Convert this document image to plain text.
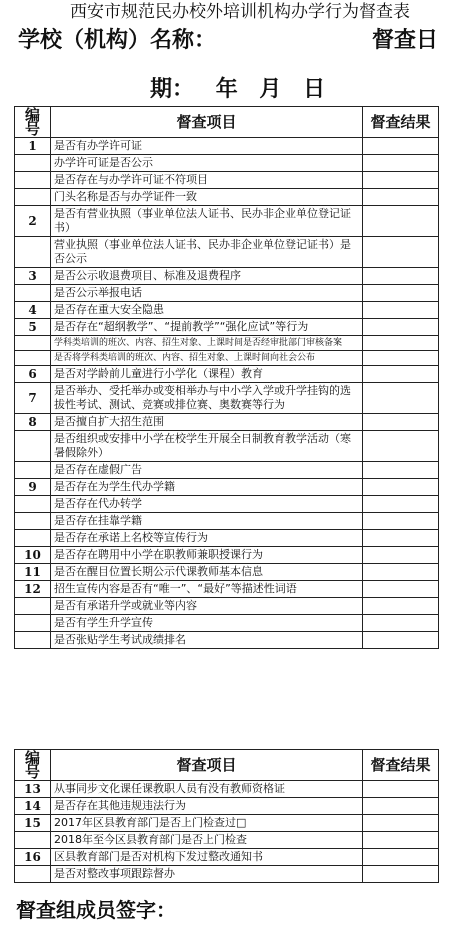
西安市规范民办校外培训机构办学行为督查表
学校（机构）名称：	督查日
期： 年 月 日
编号	督查项目	督查结果
1	是否有办学许可证	
	办学许可证是否公示	
	是否存在与办学许可证不符项目	
	门头名称是否与办学证件一致	
2	是否有营业执照（事业单位法人证书、民办非企业单位登记证书）	
	营业执照（事业单位法人证书、民办非企业单位登记证书）是否公示	
3	是否公示收退费项目、标准及退费程序	
	是否公示举报电话	
4	是否存在重大安全隐患	
5	是否存在“超纲教学”、“提前教学”“强化应试”等行为	
	学科类培训的班次、内容、招生对象、上课时间是否经审批部门审核备案	
	是否将学科类培训的班次、内容、招生对象、上课时间向社会公布	
6	是否对学龄前儿童进行小学化（课程）教育	
7	是否举办、受托举办或变相举办与中小学入学或升学挂钩的选拔性考试、测试、竞赛或排位赛、奥数赛等行为	
8	是否擅自扩大招生范围	
	是否组织或安排中小学在校学生开展全日制教育教学活动（寒暑假除外）	
	是否存在虚假广告	
9	是否存在为学生代办学籍	
	是否存在代办转学	
	是否存在挂靠学籍	
	是否存在承诺上名校等宣传行为	
10	是否存在聘用中小学在职教师兼职授课行为	
11	是否在醒目位置长期公示代课教师基本信息	
12	招生宣传内容是否有“唯一”、“最好”等描述性词语	
	是否有承诺升学或就业等内容	
	是否有学生升学宣传	
	是否张贴学生考试成绩排名	
编号	督查项目	督查结果
13	从事同步文化课任课教职人员有没有教师资格证	
14	是否存在其他违规违法行为	
15	2017年区县教育部门是否上门检查过□	
	2018年至今区县教育部门是否上门检查	
16	区县教育部门是否对机构下发过整改通知书	
	是否对整改事项跟踪督办	
督查组成员签字：
